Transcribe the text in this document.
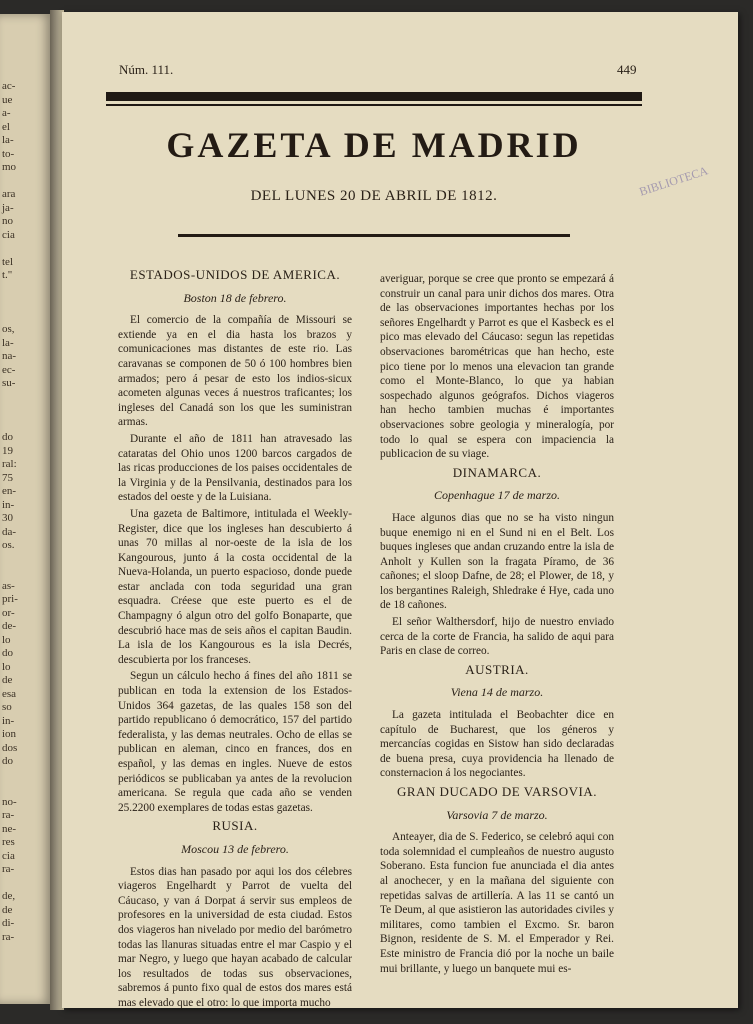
ac-
ue
a-
el
la-
to-
mo
ara
ja-
no
cia
tel
t."
os,
la-
na-
ec-
su-
do
19
ral:
75
en-
in-
30
da-
os.
as-
pri-
or-
de-
lo
do
lo
de
esa
so
in-
ion
dos
do
no-
ra-
ne-
res
cia
ra-
de,
de
di-
ra-
Núm. 111.	449
GAZETA DE MADRID
BIBLIOTECA
DEL LUNES 20 DE ABRIL DE 1812.
ESTADOS-UNIDOS DE AMERICA.
Boston 18 de febrero.

El comercio de la compañía de Missouri se extiende ya en el dia hasta los brazos y comunicaciones mas distantes de este rio. Las caravanas se componen de 50 ó 100 hombres bien armados; pero á pesar de esto los indios-sicux acometen algunas veces á nuestros traficantes; los ingleses del Canadá son los que les suministran armas.

Durante el año de 1811 han atravesado las cataratas del Ohio unos 1200 barcos cargados de las ricas producciones de los paises occidentales de la Virginia y de la Pensilvania, destinados para los estados del oeste y de la Luisiana.

Una gazeta de Baltimore, intitulada el Weekly-Register, dice que los ingleses han descubierto á unas 70 millas al nor-oeste de la isla de los Kangourous, junto á la costa occidental de la Nueva-Holanda, un puerto espacioso, donde puede estar anclada con toda seguridad una gran esquadra. Créese que este puerto es el de Champagny ó algun otro del golfo Bonaparte, que descubrió hace mas de seis años el capitan Baudin. La isla de los Kangourous es la isla Decrés, descubierta por los franceses.

Segun un cálculo hecho á fines del año 1811 se publican en toda la extension de los Estados-Unidos 364 gazetas, de las quales 158 son del partido republicano ó democrático, 157 del partido federalista, y las demas neutrales. Ocho de ellas se publican en aleman, cinco en frances, dos en español, y las demas en ingles. Nueve de estos periódicos se publicaban ya antes de la revolucion americana. Se regula que cada año se venden 25.2200 exemplares de todas estas gazetas.

RUSIA.
Moscou 13 de febrero.

Estos dias han pasado por aqui los dos célebres viageros Engelhardt y Parrot de vuelta del Cáucaso, y van á Dorpat á servir sus empleos de profesores en la universidad de esta ciudad. Estos dos viageros han nivelado por medio del barómetro todas las llanuras situadas entre el mar Caspio y el mar Negro, y luego que hayan acabado de calcular los resultados de todas sus observaciones, sabremos á punto fixo qual de estos dos mares está mas elevado que el otro: lo que importa mucho

averiguar, porque se cree que pronto se empezará á construir un canal para unir dichos dos mares. Otra de las observaciones importantes hechas por los señores Engelhardt y Parrot es que el Kasbeck es el pico mas elevado del Cáucaso: segun las repetidas observaciones barométricas que han hecho, este pico tiene por lo menos una elevacion tan grande como el Monte-Blanco, lo que ya habian sospechado algunos geógrafos. Dichos viageros han hecho tambien muchas é importantes observaciones sobre geologia y mineralogía, por todo lo qual se espera con impaciencia la publicacion de su viage.

DINAMARCA.
Copenhague 17 de marzo.

Hace algunos dias que no se ha visto ningun buque enemigo ni en el Sund ni en el Belt. Los buques ingleses que andan cruzando entre la isla de Anholt y Kullen son la fragata Píramo, de 36 cañones; el sloop Dafne, de 28; el Plower, de 18, y los bergantines Raleigh, Shledrake é Hye, cada uno de 18 cañones.

El señor Walthersdorf, hijo de nuestro enviado cerca de la corte de Francia, ha salido de aqui para Paris en clase de correo.

AUSTRIA.
Viena 14 de marzo.

La gazeta intitulada el Beobachter dice en capítulo de Bucharest, que los géneros y mercancías cogidas en Sistow han sido declaradas de buena presa, cuya providencia ha llenado de consternacion á los negociantes.

GRAN DUCADO DE VARSOVIA.
Varsovia 7 de marzo.

Anteayer, dia de S. Federico, se celebró aqui con toda solemnidad el cumpleaños de nuestro augusto Soberano. Esta funcion fue anunciada el dia antes al anochecer, y en la mañana del siguiente con repetidas salvas de artillería. A las 11 se cantó un Te Deum, al que asistieron las autoridades civiles y militares, como tambien el Excmo. Sr. baron Bignon, residente de S. M. el Emperador y Rei. Este ministro de Francia dió por la noche un baile mui brillante, y luego un banquete mui es-
